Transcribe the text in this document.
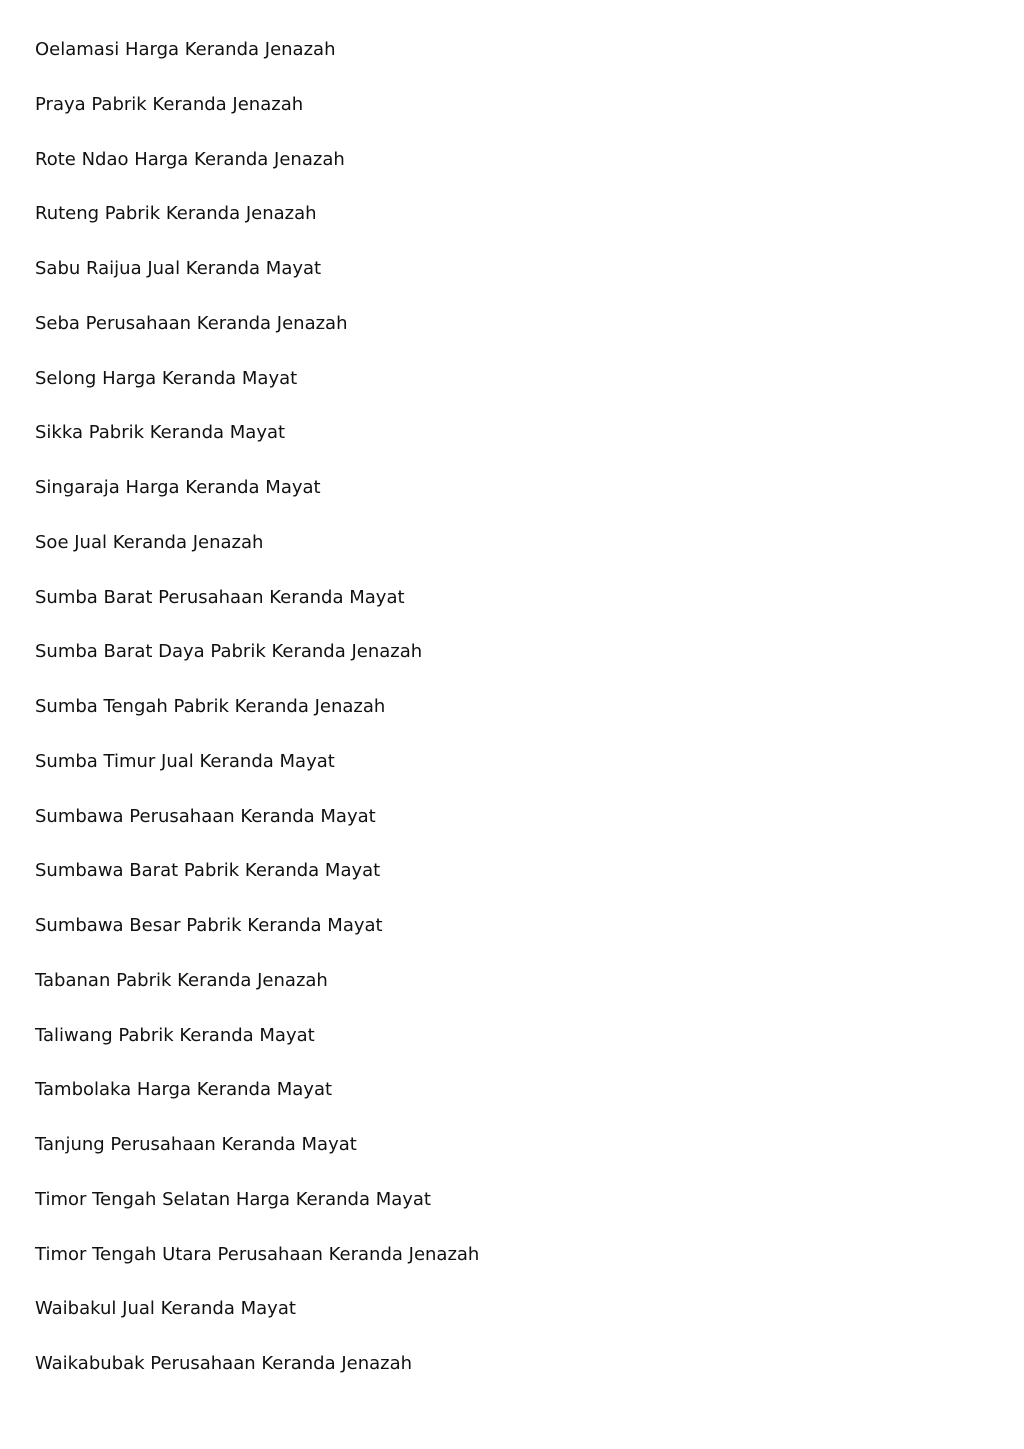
Oelamasi Harga Keranda Jenazah
Praya Pabrik Keranda Jenazah
Rote Ndao Harga Keranda Jenazah
Ruteng Pabrik Keranda Jenazah
Sabu Raijua Jual Keranda Mayat
Seba Perusahaan Keranda Jenazah
Selong Harga Keranda Mayat
Sikka Pabrik Keranda Mayat
Singaraja Harga Keranda Mayat
Soe Jual Keranda Jenazah
Sumba Barat Perusahaan Keranda Mayat
Sumba Barat Daya Pabrik Keranda Jenazah
Sumba Tengah Pabrik Keranda Jenazah
Sumba Timur Jual Keranda Mayat
Sumbawa Perusahaan Keranda Mayat
Sumbawa Barat Pabrik Keranda Mayat
Sumbawa Besar Pabrik Keranda Mayat
Tabanan Pabrik Keranda Jenazah
Taliwang Pabrik Keranda Mayat
Tambolaka Harga Keranda Mayat
Tanjung Perusahaan Keranda Mayat
Timor Tengah Selatan Harga Keranda Mayat
Timor Tengah Utara Perusahaan Keranda Jenazah
Waibakul Jual Keranda Mayat
Waikabubak Perusahaan Keranda Jenazah
